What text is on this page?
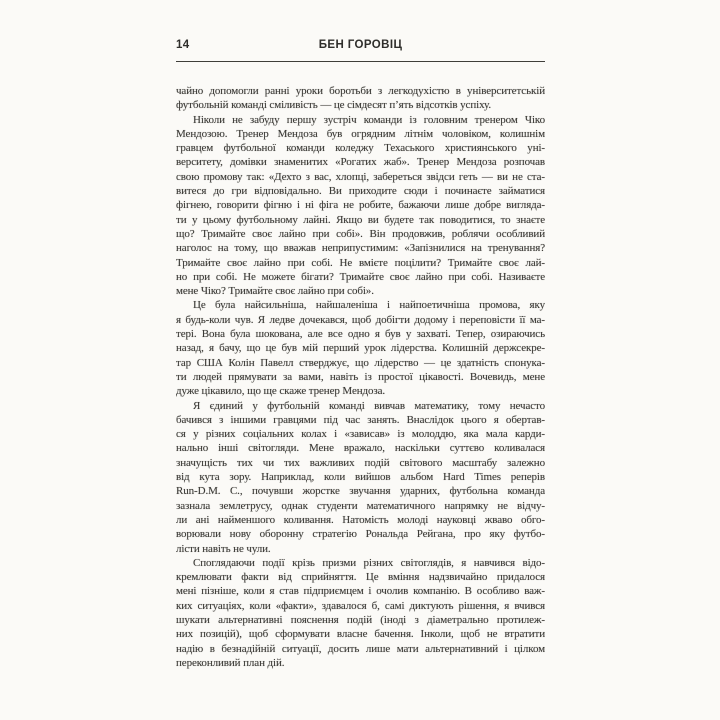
14	БЕН ГОРОВІЦ
чайно допомогли ранні уроки боротьби з легкодухістю в університетській
футбольній команді сміливість — це сімдесят п’ять відсотків успіху.
Ніколи не забуду першу зустріч команди із головним тренером Чіко
Мендозою. Тренер Мендоза був огрядним літнім чоловіком, колишнім
гравцем футбольної команди коледжу Техаського християнського уні-
верситету, домівки знаменитих «Рогатих жаб». Тренер Мендоза розпочав
свою промову так: «Дехто з вас, хлопці, забереться звідси геть — ви не ста-
витеся до гри відповідально. Ви приходите сюди і починаєте займатися
фігнею, говорити фігню і ні фіга не робите, бажаючи лише добре вигляда-
ти у цьому футбольному лайні. Якщо ви будете так поводитися, то знаєте
що? Тримайте своє лайно при собі». Він продовжив, роблячи особливий
наголос на тому, що вважав неприпустимим: «Запізнилися на тренування?
Тримайте своє лайно при собі. Не вмієте поцілити? Тримайте своє лай-
но при собі. Не можете бігати? Тримайте своє лайно при собі. Називаєте
мене Чіко? Тримайте своє лайно при собі».
Це була найсильніша, найшаленіша і найпоетичніша промова, яку
я будь-коли чув. Я ледве дочекався, щоб добігти додому і переповісти її ма-
тері. Вона була шокована, але все одно я був у захваті. Тепер, озираючись
назад, я бачу, що це був мій перший урок лідерства. Колишній держсекре-
тар США Колін Павелл стверджує, що лідерство — це здатність спонука-
ти людей прямувати за вами, навіть із простої цікавості. Вочевидь, мене
дуже цікавило, що ще скаже тренер Мендоза.
Я єдиний у футбольній команді вивчав математику, тому нечасто
бачився з іншими гравцями під час занять. Внаслідок цього я обертав-
ся у різних соціальних колах і «зависав» із молоддю, яка мала карди-
нально інші світогляди. Мене вражало, наскільки суттєво коливалася
значущість тих чи тих важливих подій світового масштабу залежно
від кута зору. Наприклад, коли вийшов альбом Hard Times реперів
Run-D.M. C., почувши жорстке звучання ударних, футбольна команда
зазнала землетрусу, однак студенти математичного напрямку не відчу-
ли ані найменшого коливання. Натомість молоді науковці жваво обго-
ворювали нову оборонну стратегію Рональда Рейгана, про яку футбо-
лісти навіть не чули.
Споглядаючи події крізь призми різних світоглядів, я навчився відо-
кремлювати факти від сприйняття. Це вміння надзвичайно придалося
мені пізніше, коли я став підприємцем і очолив компанію. В особливо важ-
ких ситуаціях, коли «факти», здавалося б, самі диктують рішення, я вчився
шукати альтернативні пояснення подій (іноді з діаметрально протилеж-
них позицій), щоб сформувати власне бачення. Інколи, щоб не втратити
надію в безнадійній ситуації, досить лише мати альтернативний і цілком
переконливий план дій.
